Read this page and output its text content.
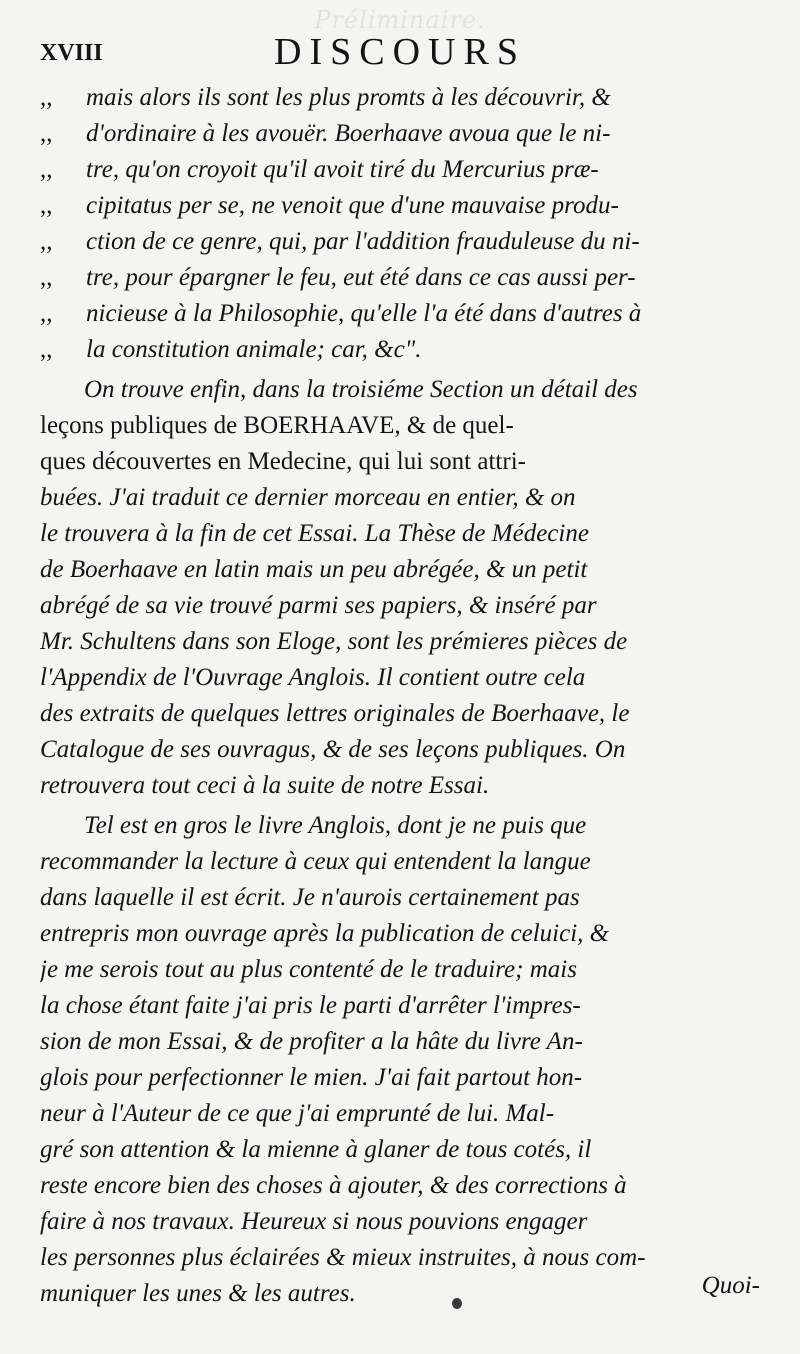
Préliminaire.
XVIII	DISCOURS
,, mais alors ils sont les plus promts à les découvrir, &
,, d'ordinaire à les avouër. Boerhaave avoua que le ni-
,, tre, qu'on croyoit qu'il avoit tiré du Mercurius præ-
,, cipitatus per se, ne venoit que d'une mauvaise produ-
,, ction de ce genre, qui, par l'addition frauduleuse du ni-
,, tre, pour épargner le feu, eut été dans ce cas aussi per-
,, nicieuse à la Philosophie, qu'elle l'a été dans d'autres à
,, la constitution animale; car, &c".
On trouve enfin, dans la troisiéme Section un détail des
leçons publiques de BOERHAAVE, & de quel-
ques découvertes en Medecine, qui lui sont attri-
buées. J'ai traduit ce dernier morceau en entier, & on
le trouvera à la fin de cet Essai. La Thèse de Médecine
de Boerhaave en latin mais un peu abrégée, & un petit
abrégé de sa vie trouvé parmi ses papiers, & inséré par
Mr. Schultens dans son Eloge, sont les prémieres pièces de
l'Appendix de l'Ouvrage Anglois. Il contient outre cela
des extraits de quelques lettres originales de Boerhaave, le
Catalogue de ses ouvragus, & de ses leçons publiques. On
retrouvera tout ceci à la suite de notre Essai.
Tel est en gros le livre Anglois, dont je ne puis que
recommander la lecture à ceux qui entendent la langue
dans laquelle il est écrit. Je n'aurois certainement pas
entrepris mon ouvrage après la publication de celuici, &
je me serois tout au plus contenté de le traduire; mais
la chose étant faite j'ai pris le parti d'arrêter l'impres-
sion de mon Essai, & de profiter a la hâte du livre An-
glois pour perfectionner le mien. J'ai fait partout hon-
neur à l'Auteur de ce que j'ai emprunté de lui. Mal-
gré son attention & la mienne à glaner de tous cotés, il
reste encore bien des choses à ajouter, & des corrections à
faire à nos travaux. Heureux si nous pouvions engager
les personnes plus éclairées & mieux instruites, à nous com-
muniquer les unes & les autres.	Quoi-
